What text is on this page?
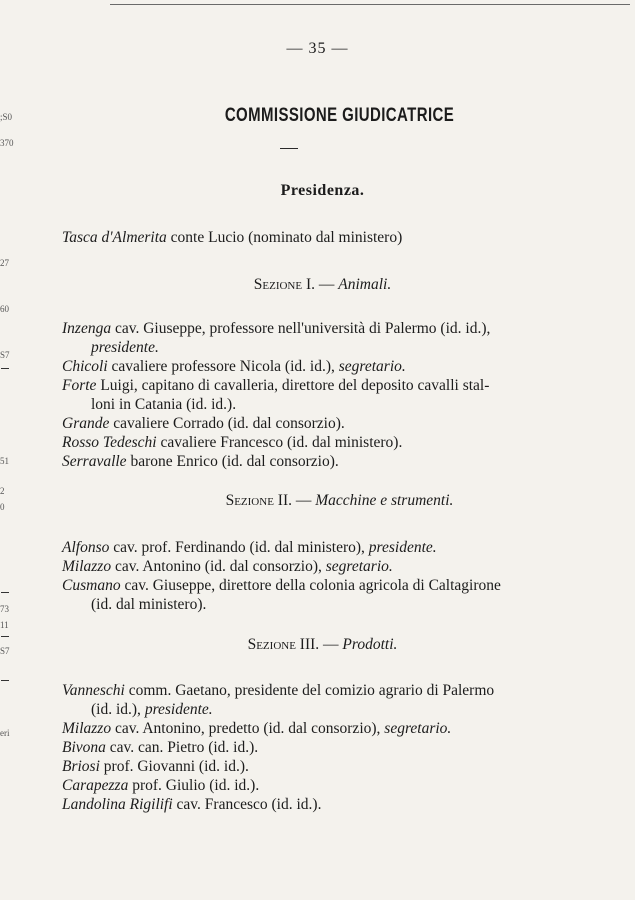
;S0
370
27
60
S7
51
2
0
73
11
S7
eri
— 35 —
COMMISSIONE GIUDICATRICE
Presidenza.
Tasca d'Almerita conte Lucio (nominato dal ministero)
Sezione I. — Animali.
Inzenga cav. Giuseppe, professore nell'università di Palermo (id. id.),
presidente.
Chicoli cavaliere professore Nicola (id. id.), segretario.
Forte Luigi, capitano di cavalleria, direttore del deposito cavalli stal-
loni in Catania (id. id.).
Grande cavaliere Corrado (id. dal consorzio).
Rosso Tedeschi cavaliere Francesco (id. dal ministero).
Serravalle barone Enrico (id. dal consorzio).
Sezione II. — Macchine e strumenti.
Alfonso cav. prof. Ferdinando (id. dal ministero), presidente.
Milazzo cav. Antonino (id. dal consorzio), segretario.
Cusmano cav. Giuseppe, direttore della colonia agricola di Caltagirone
(id. dal ministero).
Sezione III. — Prodotti.
Vanneschi comm. Gaetano, presidente del comizio agrario di Palermo
(id. id.), presidente.
Milazzo cav. Antonino, predetto (id. dal consorzio), segretario.
Bivona cav. can. Pietro (id. id.).
Briosi prof. Giovanni (id. id.).
Carapezza prof. Giulio (id. id.).
Landolina Rigilifi cav. Francesco (id. id.).
